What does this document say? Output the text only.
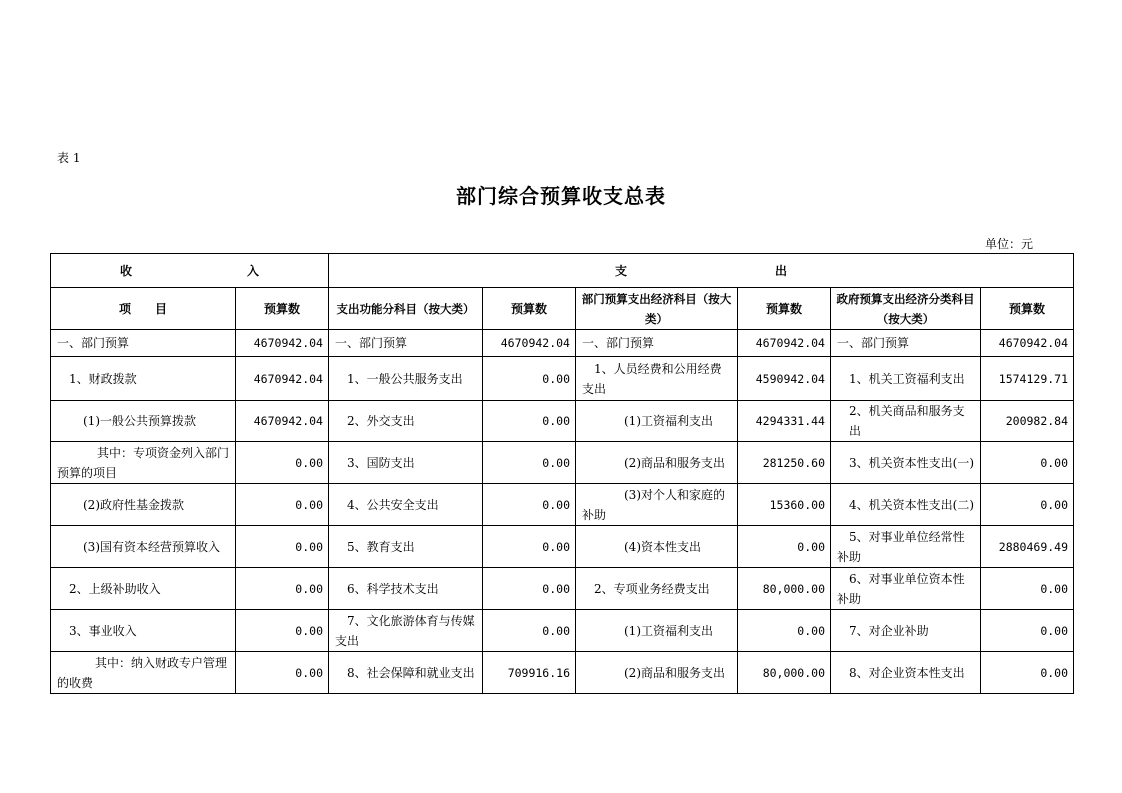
表 1
部门综合预算收支总表
单位：元
收 入		支 出					
项 目	预算数	支出功能分科目（按大类）	预算数	部门预算支出经济科目（按大类）	预算数	政府预算支出经济分类科目（按大类）	预算数
一、部门预算	4670942.04	一、部门预算	4670942.04	一、部门预算	4670942.04	一、部门预算	4670942.04
1、财政拨款	4670942.04	1、一般公共服务支出	0.00	1、人员经费和公用经费支出	4590942.04	1、机关工资福利支出	1574129.71
(1)一般公共预算拨款	4670942.04	2、外交支出	0.00	(1)工资福利支出	4294331.44	2、机关商品和服务支出	200982.84
其中：专项资金列入部门预算的项目	0.00	3、国防支出	0.00	(2)商品和服务支出	281250.60	3、机关资本性支出(一)	0.00
(2)政府性基金拨款	0.00	4、公共安全支出	0.00	(3)对个人和家庭的补助	15360.00	4、机关资本性支出(二)	0.00
(3)国有资本经营预算收入	0.00	5、教育支出	0.00	(4)资本性支出	0.00	5、对事业单位经常性补助	2880469.49
2、上级补助收入	0.00	6、科学技术支出	0.00	2、专项业务经费支出	80,000.00	6、对事业单位资本性补助	0.00
3、事业收入	0.00	7、文化旅游体育与传媒支出	0.00	(1)工资福利支出	0.00	7、对企业补助	0.00
其中：纳入财政专户管理的收费	0.00	8、社会保障和就业支出	709916.16	(2)商品和服务支出	80,000.00	8、对企业资本性支出	0.00
